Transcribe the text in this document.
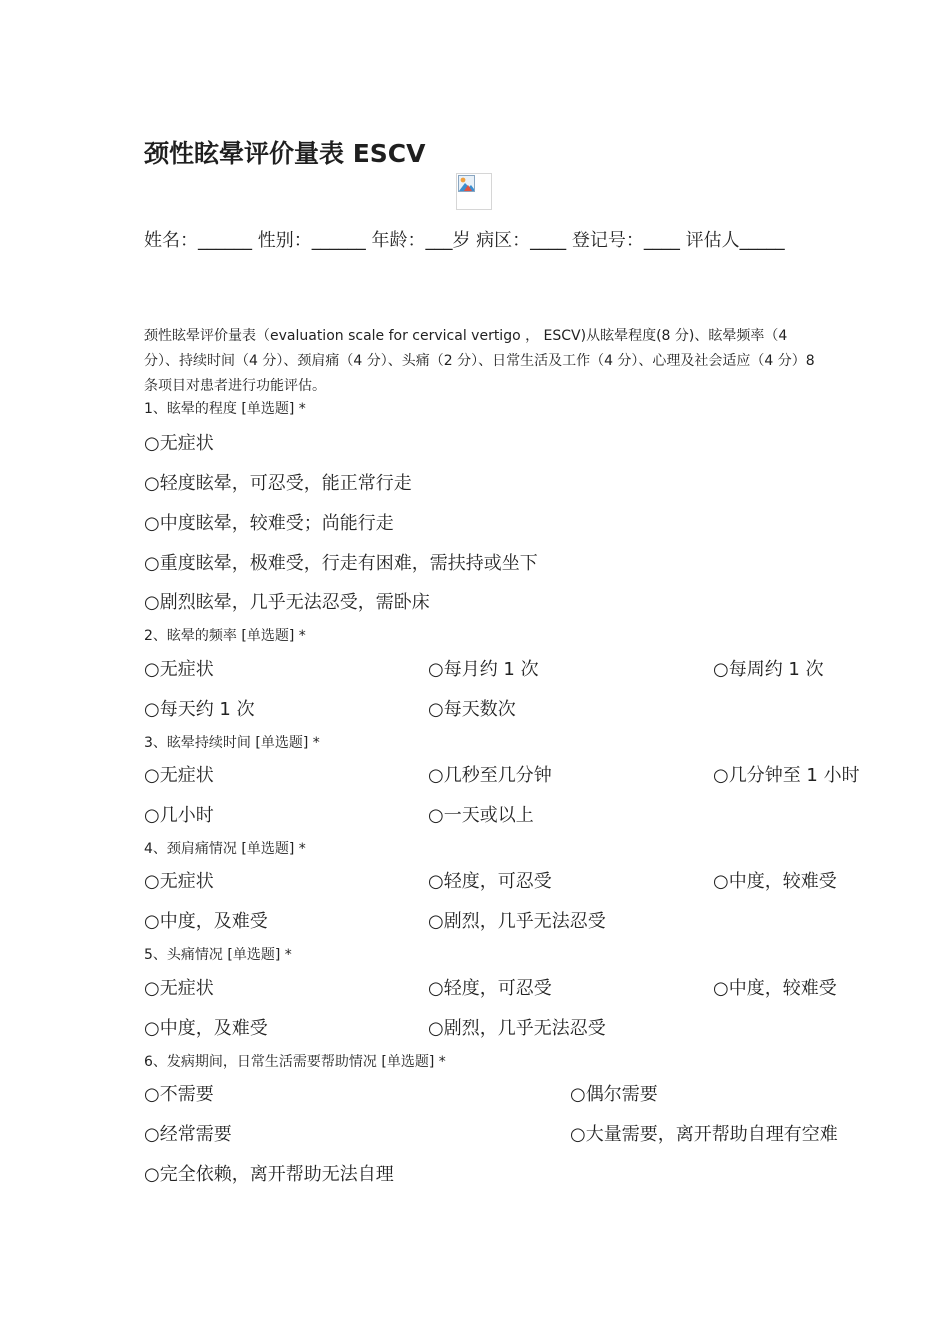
颈性眩晕评价量表 ESCV
姓名：______ 性别：______ 年龄：___岁 病区：____ 登记号：____ 评估人_____
颈性眩晕评价量表（evaluation scale for cervical vertigo ， ESCV)从眩晕程度(8 分)、眩晕频率（4 分）、持续时间（4 分）、颈肩痛（4 分）、头痛（2 分）、日常生活及工作（4 分）、心理及社会适应（4 分）8 条项目对患者进行功能评估。
1、眩晕的程度 [单选题] *
○无症状
○轻度眩晕，可忍受，能正常行走
○中度眩晕，较难受；尚能行走
○重度眩晕，极难受，行走有困难，需扶持或坐下
○剧烈眩晕，几乎无法忍受，需卧床
2、眩晕的频率 [单选题] *
○无症状	○每月约 1 次	○每周约 1 次
○每天约 1 次	○每天数次
3、眩晕持续时间 [单选题] *
○无症状	○几秒至几分钟	○几分钟至 1 小时
○几小时	○一天或以上
4、颈肩痛情况 [单选题] *
○无症状	○轻度，可忍受	○中度，较难受
○中度，及难受	○剧烈，几乎无法忍受
5、头痛情况 [单选题] *
○无症状	○轻度，可忍受	○中度，较难受
○中度，及难受	○剧烈，几乎无法忍受
6、发病期间，日常生活需要帮助情况 [单选题] *
○不需要	○偶尔需要
○经常需要	○大量需要，离开帮助自理有空难
○完全依赖，离开帮助无法自理
